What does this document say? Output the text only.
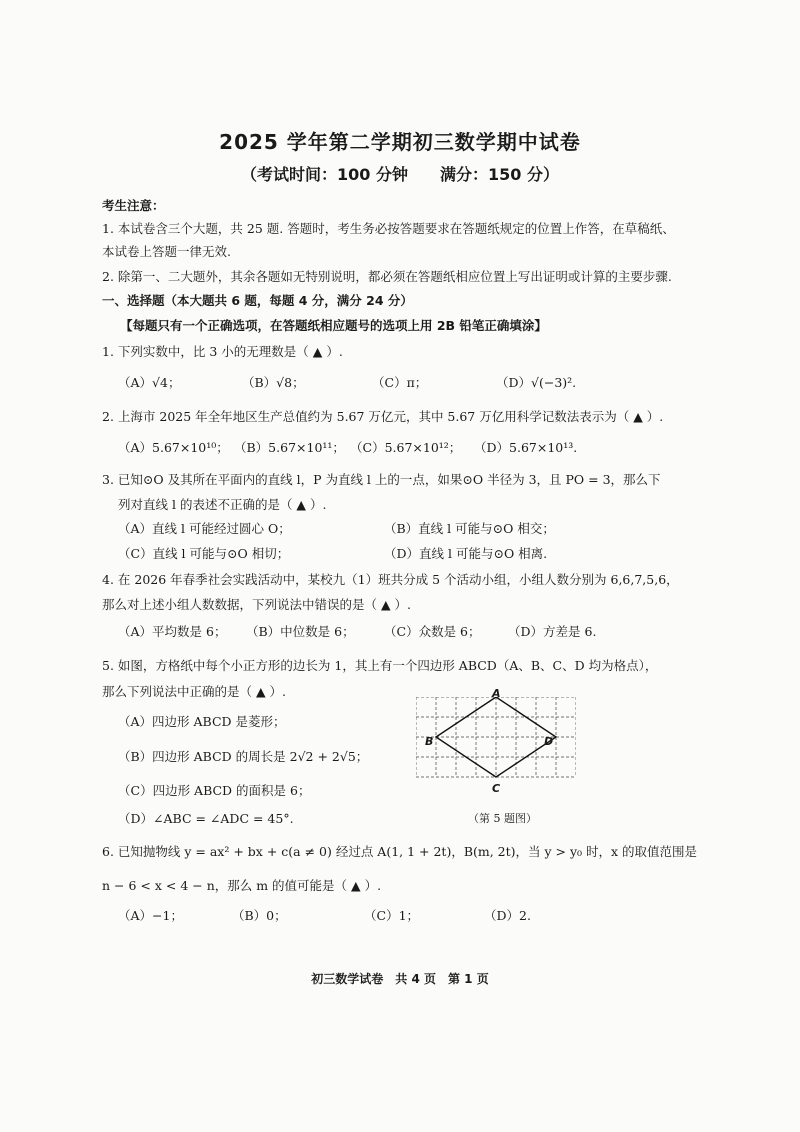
2025 学年第二学期初三数学期中试卷
（考试时间：100 分钟　　满分：150 分）
考生注意：
1. 本试卷含三个大题，共 25 题. 答题时，考生务必按答题要求在答题纸规定的位置上作答，在草稿纸、
本试卷上答题一律无效.
2. 除第一、二大题外，其余各题如无特别说明，都必须在答题纸相应位置上写出证明或计算的主要步骤.
一、选择题（本大题共 6 题，每题 4 分，满分 24 分）
【每题只有一个正确选项，在答题纸相应题号的选项上用 2B 铅笔正确填涂】
1. 下列实数中，比 3 小的无理数是（ ▲ ）.
（A）√4；	（B）√8；	（C）π；	（D）√(−3)².
2. 上海市 2025 年全年地区生产总值约为 5.67 万亿元，其中 5.67 万亿用科学记数法表示为（ ▲ ）.
（A）5.67×10¹⁰； （B）5.67×10¹¹； （C）5.67×10¹²； （D）5.67×10¹³.
3. 已知⊙O 及其所在平面内的直线 l，P 为直线 l 上的一点，如果⊙O 半径为 3，且 PO = 3，那么下
列对直线 l 的表述不正确的是（ ▲ ）.
（A）直线 l 可能经过圆心 O；	（B）直线 l 可能与⊙O 相交；
（C）直线 l 可能与⊙O 相切；	（D）直线 l 可能与⊙O 相离.
4. 在 2026 年春季社会实践活动中，某校九（1）班共分成 5 个活动小组，小组人数分别为 6,6,7,5,6，
那么对上述小组人数数据，下列说法中错误的是（ ▲ ）.
（A）平均数是 6； （B）中位数是 6； （C）众数是 6； （D）方差是 6.
5. 如图，方格纸中每个小正方形的边长为 1，其上有一个四边形 ABCD（A、B、C、D 均为格点），
那么下列说法中正确的是（ ▲ ）.
（A）四边形 ABCD 是菱形；
（B）四边形 ABCD 的周长是 2√2 + 2√5；
（C）四边形 ABCD 的面积是 6；
（D）∠ABC = ∠ADC = 45°.
A
B	D
C
（第 5 题图）
6. 已知抛物线 y = ax² + bx + c(a ≠ 0) 经过点 A(1, 1 + 2t)，B(m, 2t)，当 y > y₀ 时，x 的取值范围是
n − 6 < x < 4 − n，那么 m 的值可能是（ ▲ ）.
（A）−1；	（B）0；	（C）1；	（D）2.
初三数学试卷　共 4 页　第 1 页
